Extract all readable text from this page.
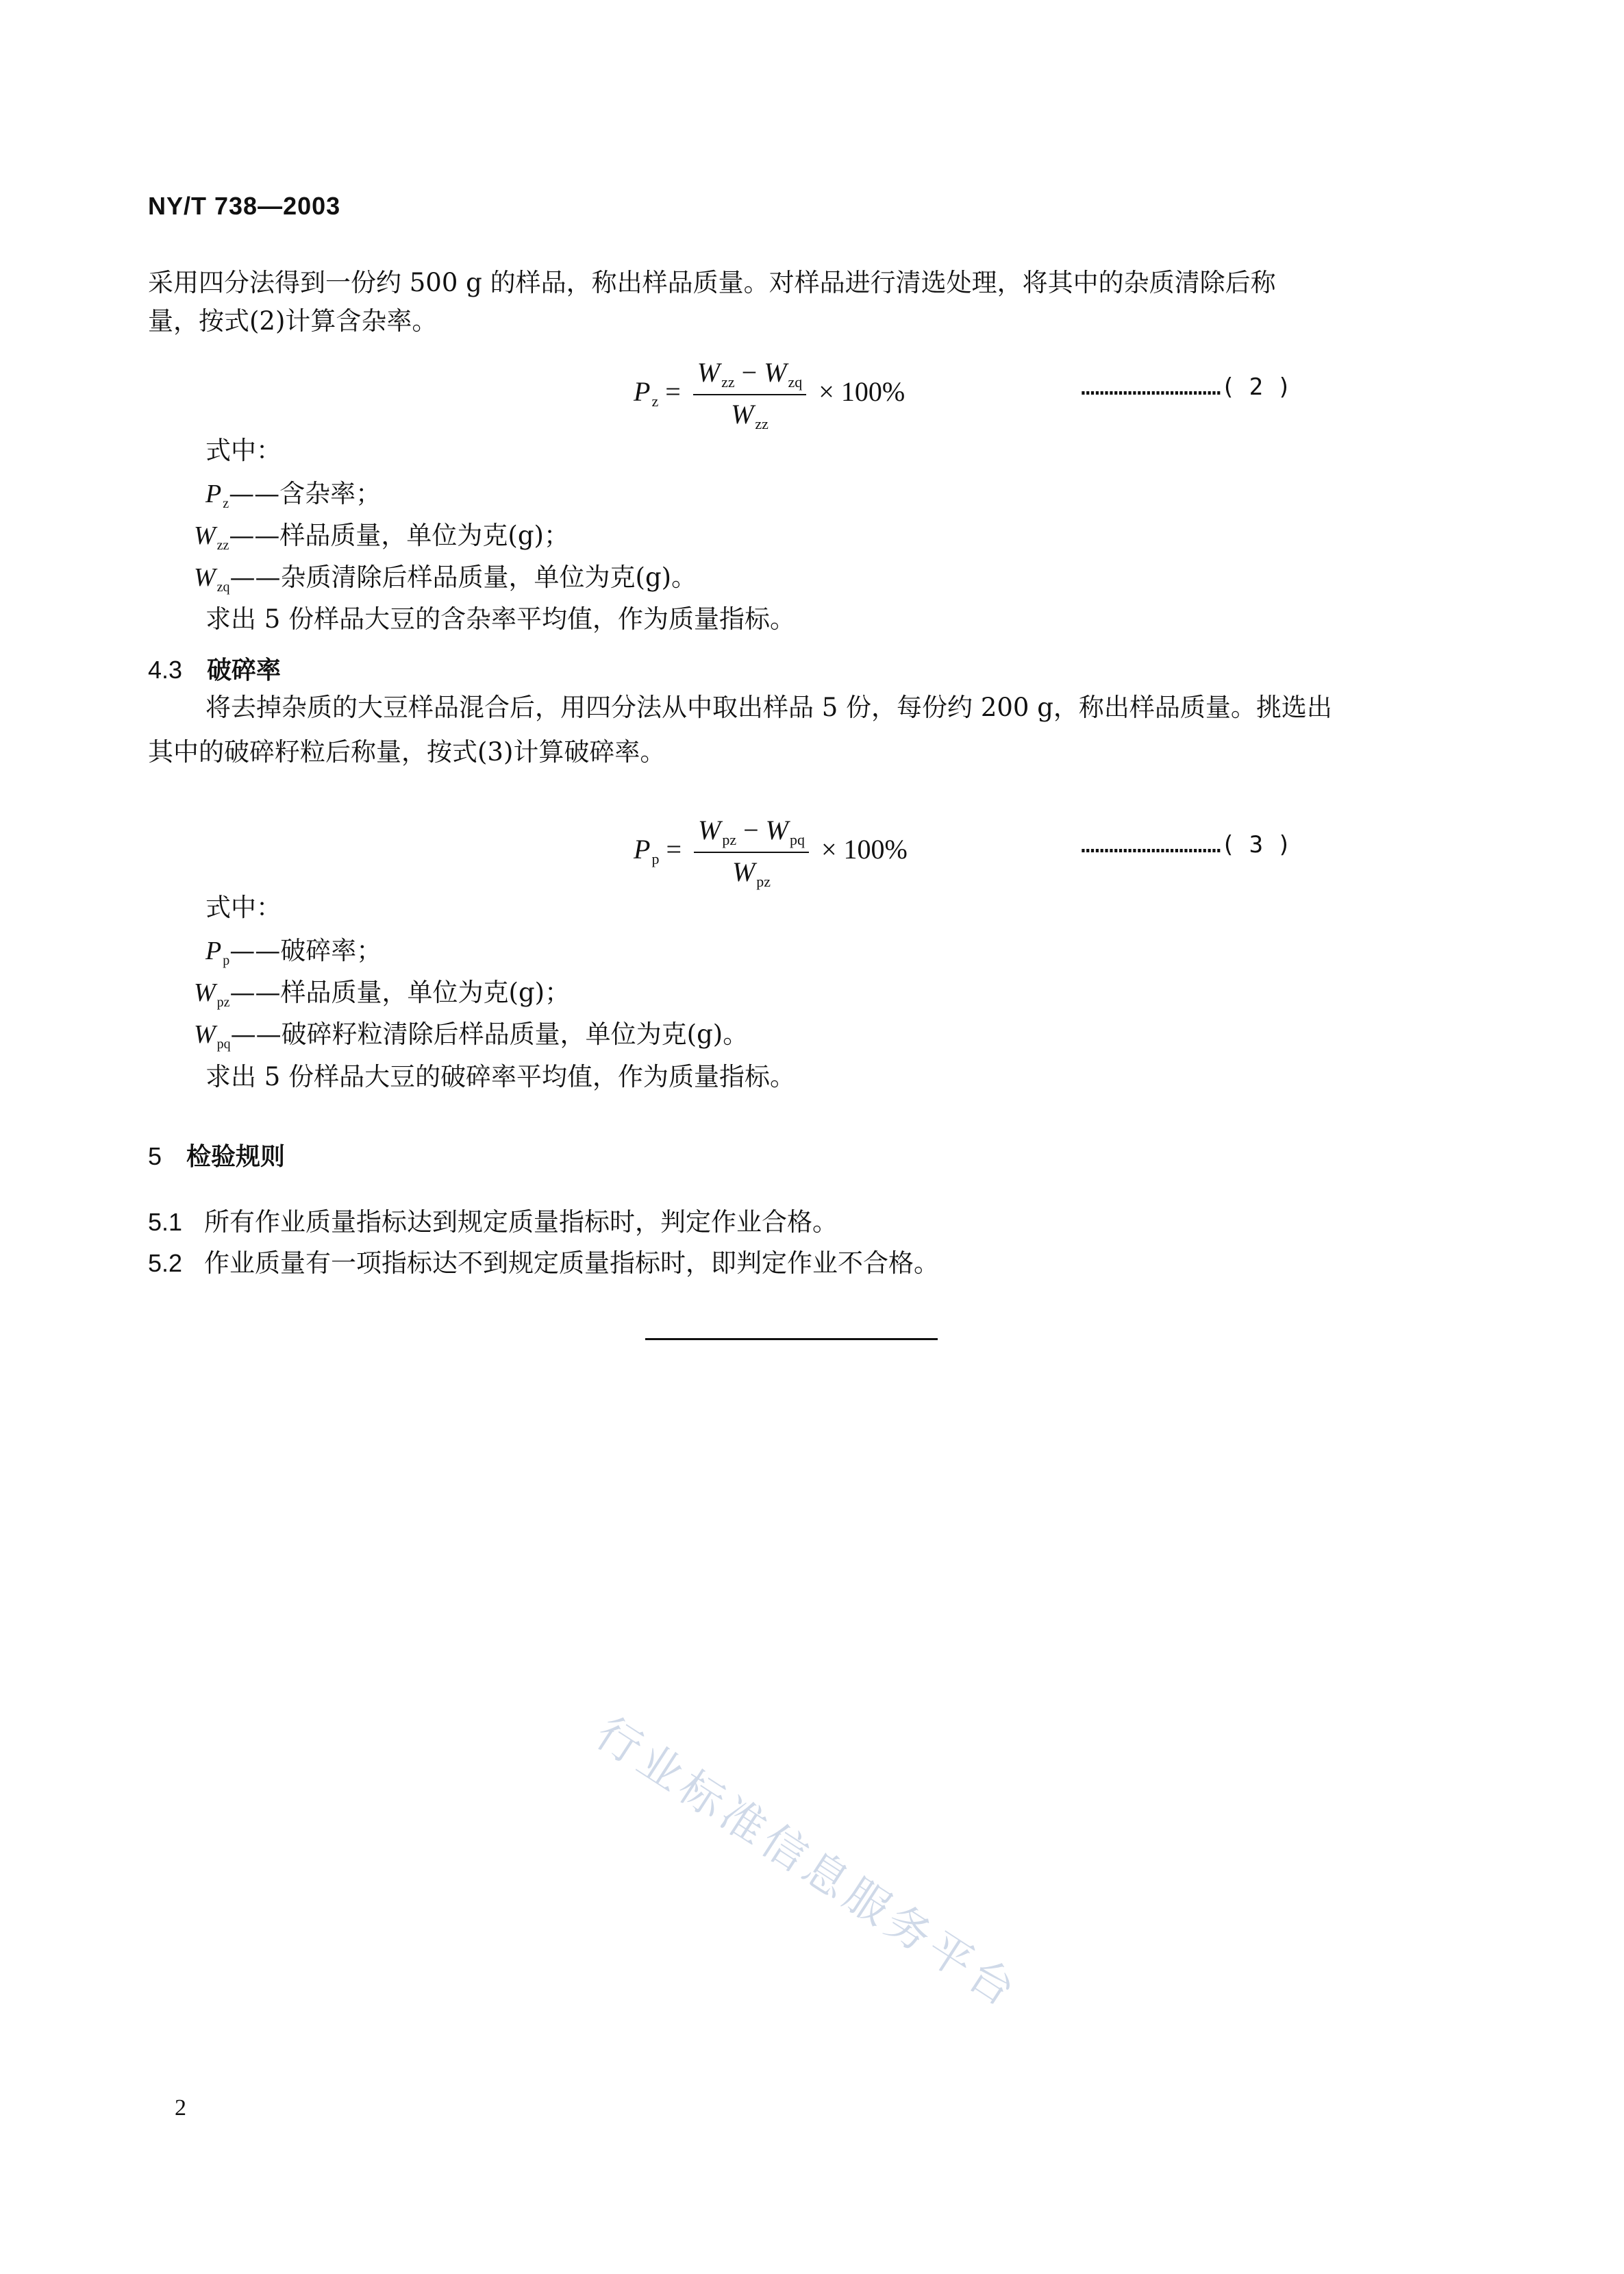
NY/T 738—2003
采用四分法得到一份约 500 g 的样品，称出样品质量。对样品进行清选处理，将其中的杂质清除后称
量，按式(2)计算含杂率。
$P_z = \frac{W_{zz} - W_{zq}}{W_{zz}} \times 100\%$	…………………………( 2 )
式中：
P $_z$——含杂率；
W $_{zz}$——样品质量，单位为克(g)；
W $_{zq}$——杂质清除后样品质量，单位为克(g)。
求出 5 份样品大豆的含杂率平均值，作为质量指标。
4.3 破碎率
将去掉杂质的大豆样品混合后，用四分法从中取出样品 5 份，每份约 200 g，称出样品质量。挑选出
其中的破碎籽粒后称量，按式(3)计算破碎率。
$P_p = \frac{W_{pz} - W_{pq}}{W_{pz}} \times 100\%$	…………………………( 3 )
式中：
P $_p$——破碎率；
W $_{pz}$——样品质量，单位为克(g)；
W $_{pq}$——破碎籽粒清除后样品质量，单位为克(g)。
求出 5 份样品大豆的破碎率平均值，作为质量指标。
5 检验规则
5.1 所有作业质量指标达到规定质量指标时，判定作业合格。
5.2 作业质量有一项指标达不到规定质量指标时，即判定作业不合格。
行业标准信息服务平台
2
